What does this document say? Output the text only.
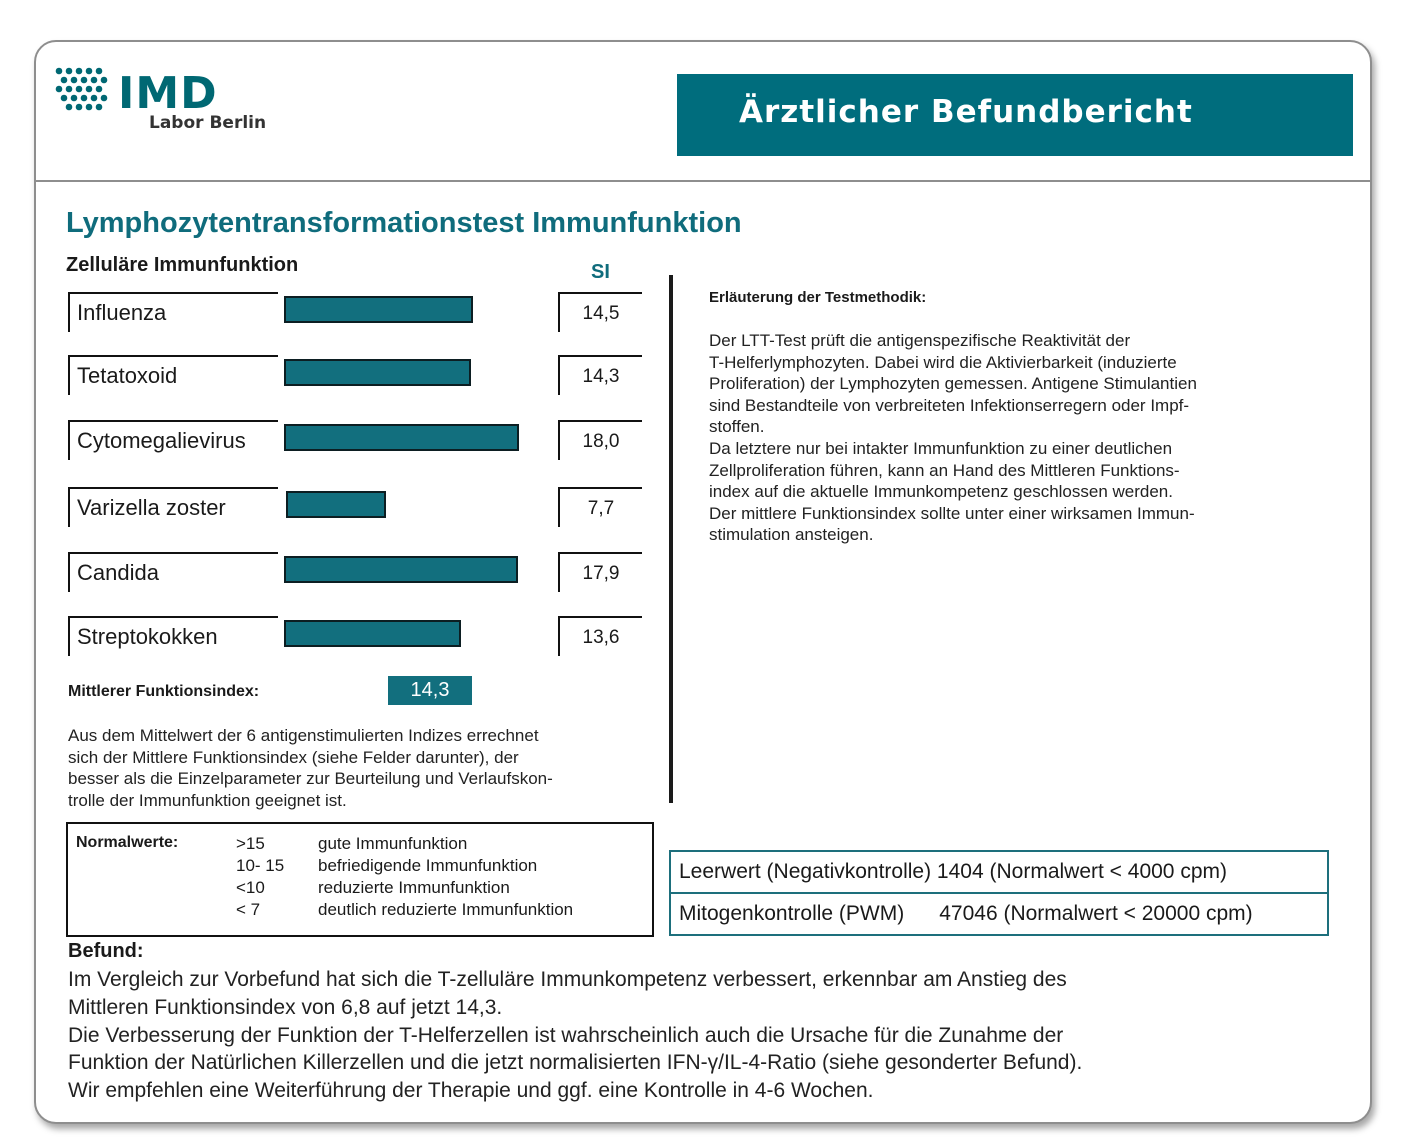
IMD
Labor Berlin	Ärztlicher Befundbericht
Lymphozytentransformationstest Immunfunktion
Zelluläre Immunfunktion	SI
Influenza	14,5
Tetatoxoid	14,3
Cytomegalievirus	18,0
Varizella zoster	7,7
Candida	17,9
Streptokokken	13,6
Mittlerer Funktionsindex:	14,3
Aus dem Mittelwert der 6 antigenstimulierten Indizes errechnet
sich der Mittlere Funktionsindex (siehe Felder darunter), der
besser als die Einzelparameter zur Beurteilung und Verlaufskon-
trolle der Immunfunktion geeignet ist.
Erläuterung der Testmethodik:
Der LTT-Test prüft die antigenspezifische Reaktivität der
T-Helferlymphozyten. Dabei wird die Aktivierbarkeit (induzierte
Proliferation) der Lymphozyten gemessen. Antigene Stimulantien
sind Bestandteile von verbreiteten Infektionserregern oder Impf-
stoffen.
Da letztere nur bei intakter Immunfunktion zu einer deutlichen
Zellproliferation führen, kann an Hand des Mittleren Funktions-
index auf die aktuelle Immunkompetenz geschlossen werden.
Der mittlere Funktionsindex sollte unter einer wirksamen Immun-
stimulation ansteigen.
Normalwerte:	>15	gute Immunfunktion
10- 15 befriedigende Immunfunktion
<10	reduzierte Immunfunktion
< 7	deutlich reduzierte Immunfunktion
Leerwert (Negativkontrolle) 1404 (Normalwert < 4000 cpm)
Mitogenkontrolle (PWM)      47046 (Normalwert < 20000 cpm)
Befund:
Im Vergleich zur Vorbefund hat sich die T-zelluläre Immunkompetenz verbessert, erkennbar am Anstieg des
Mittleren Funktionsindex von 6,8 auf jetzt 14,3.
Die Verbesserung der Funktion der T-Helferzellen ist wahrscheinlich auch die Ursache für die Zunahme der
Funktion der Natürlichen Killerzellen und die jetzt normalisierten IFN-γ/IL-4-Ratio (siehe gesonderter Befund).
Wir empfehlen eine Weiterführung der Therapie und ggf. eine Kontrolle in 4-6 Wochen.
